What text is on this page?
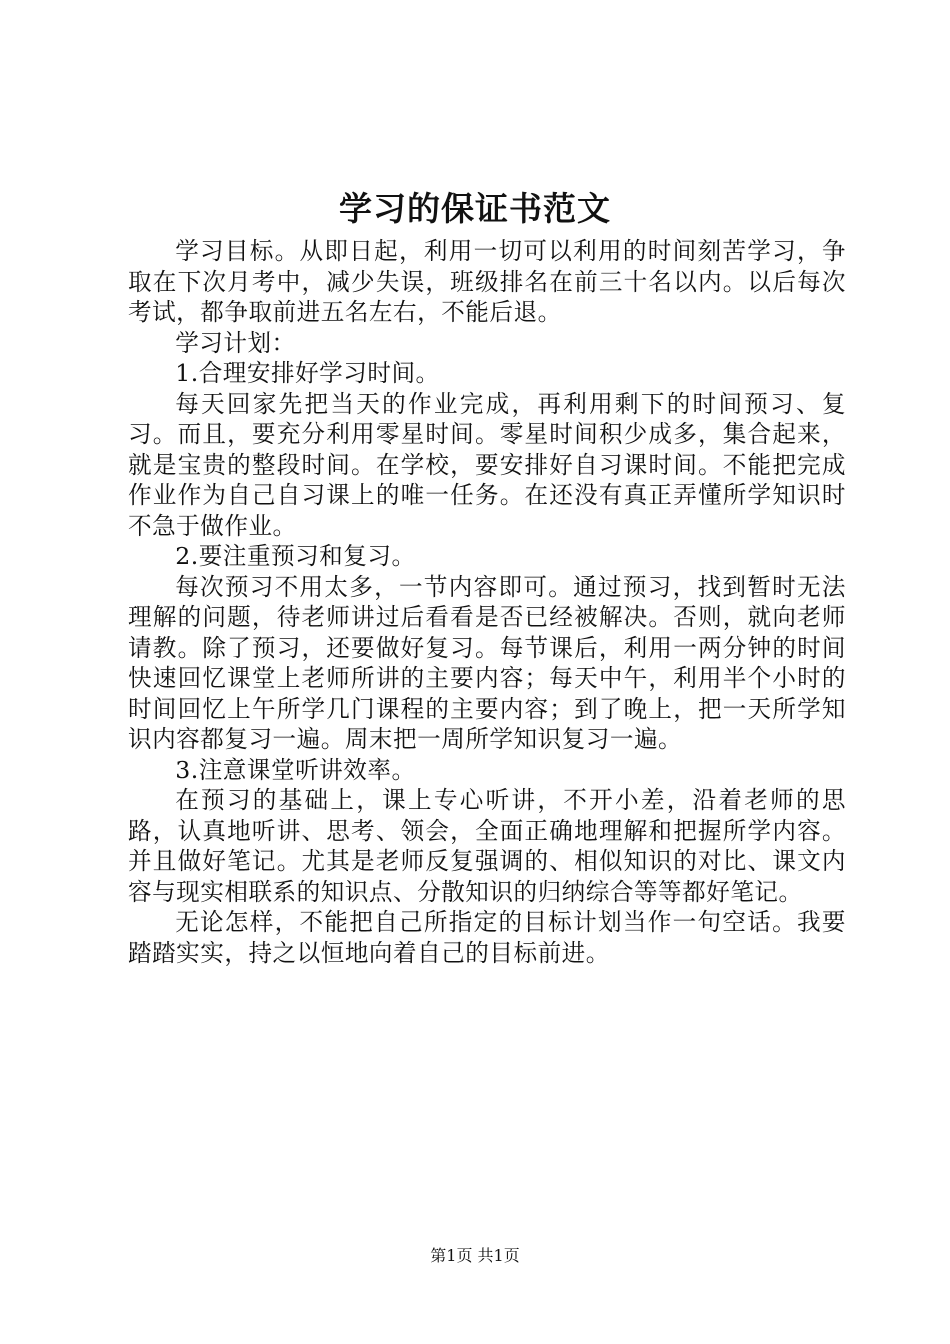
学习的保证书范文

学习目标。从即日起，利用一切可以利用的时间刻苦学习，争取在下次月考中，减少失误，班级排名在前三十名以内。以后每次考试，都争取前进五名左右，不能后退。

学习计划：

1.合理安排好学习时间。

每天回家先把当天的作业完成，再利用剩下的时间预习、复习。而且，要充分利用零星时间。零星时间积少成多，集合起来，就是宝贵的整段时间。在学校，要安排好自习课时间。不能把完成作业作为自己自习课上的唯一任务。在还没有真正弄懂所学知识时不急于做作业。

2.要注重预习和复习。

每次预习不用太多，一节内容即可。通过预习，找到暂时无法理解的问题，待老师讲过后看看是否已经被解决。否则，就向老师请教。除了预习，还要做好复习。每节课后，利用一两分钟的时间快速回忆课堂上老师所讲的主要内容；每天中午，利用半个小时的时间回忆上午所学几门课程的主要内容；到了晚上，把一天所学知识内容都复习一遍。周末把一周所学知识复习一遍。

3.注意课堂听讲效率。

在预习的基础上，课上专心听讲，不开小差，沿着老师的思路，认真地听讲、思考、领会，全面正确地理解和把握所学内容。并且做好笔记。尤其是老师反复强调的、相似知识的对比、课文内容与现实相联系的知识点、分散知识的归纳综合等等都好笔记。

无论怎样，不能把自己所指定的目标计划当作一句空话。我要踏踏实实，持之以恒地向着自己的目标前进。

第1页 共1页
